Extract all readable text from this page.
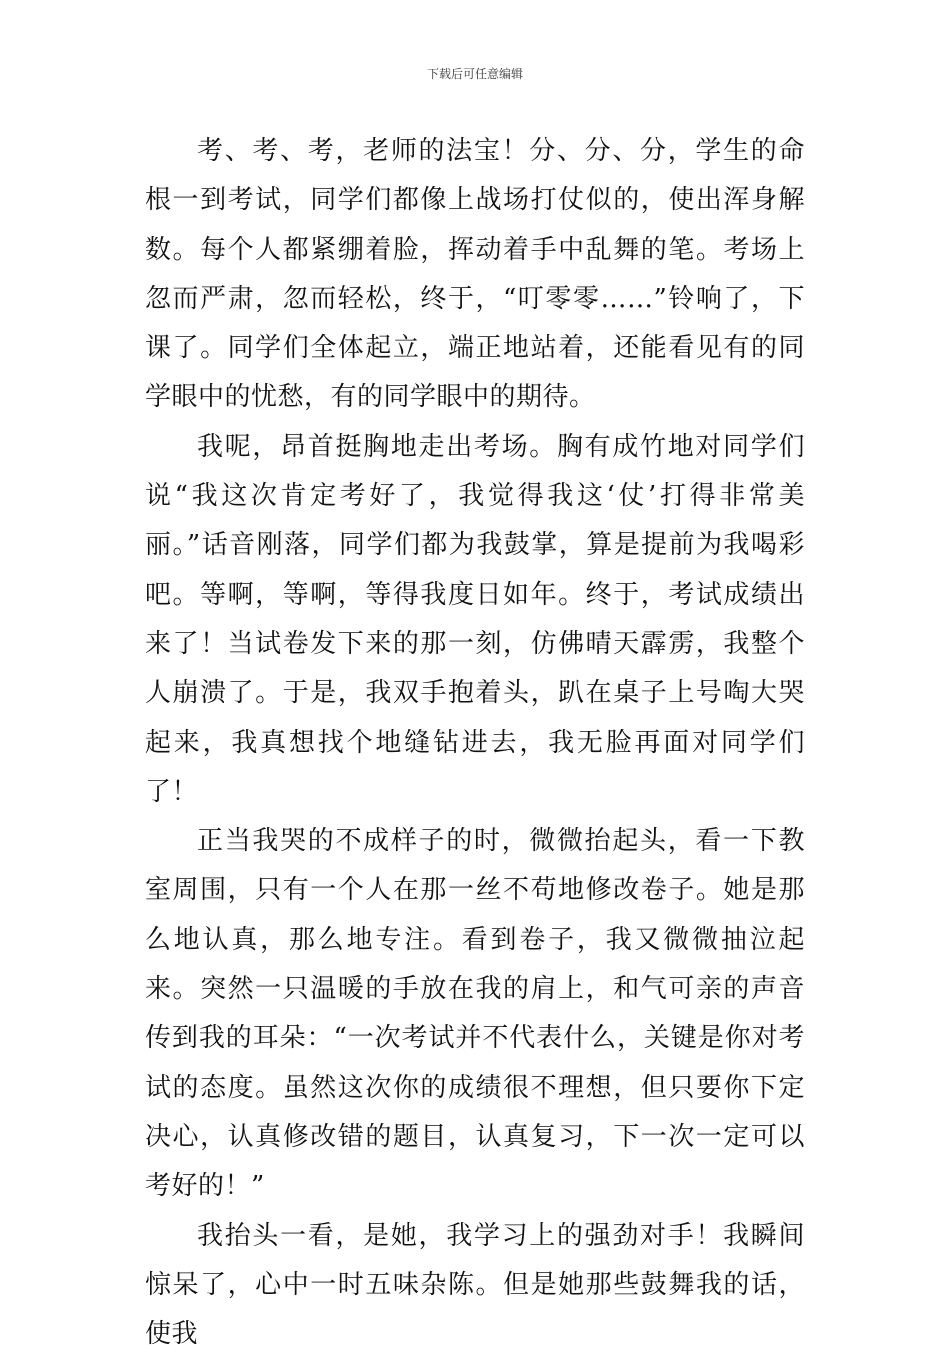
下载后可任意编辑

考、考、考，老师的法宝！分、分、分，学生的命根一到考试，同学们都像上战场打仗似的，使出浑身解数。每个人都紧绷着脸，挥动着手中乱舞的笔。考场上忽而严肃，忽而轻松，终于，“叮零零……”铃响了，下课了。同学们全体起立，端正地站着，还能看见有的同学眼中的忧愁，有的同学眼中的期待。

我呢，昂首挺胸地走出考场。胸有成竹地对同学们说“我这次肯定考好了，我觉得我这‘仗’打得非常美丽。”话音刚落，同学们都为我鼓掌，算是提前为我喝彩吧。等啊，等啊，等得我度日如年。终于，考试成绩出来了！当试卷发下来的那一刻，仿佛晴天霹雳，我整个人崩溃了。于是，我双手抱着头，趴在桌子上号啕大哭起来，我真想找个地缝钻进去，我无脸再面对同学们了！

正当我哭的不成样子的时，微微抬起头，看一下教室周围，只有一个人在那一丝不苟地修改卷子。她是那么地认真，那么地专注。看到卷子，我又微微抽泣起来。突然一只温暖的手放在我的肩上，和气可亲的声音传到我的耳朵：“一次考试并不代表什么，关键是你对考试的态度。虽然这次你的成绩很不理想，但只要你下定决心，认真修改错的题目，认真复习，下一次一定可以考好的！”

我抬头一看，是她，我学习上的强劲对手！我瞬间惊呆了，心中一时五味杂陈。但是她那些鼓舞我的话，使我
